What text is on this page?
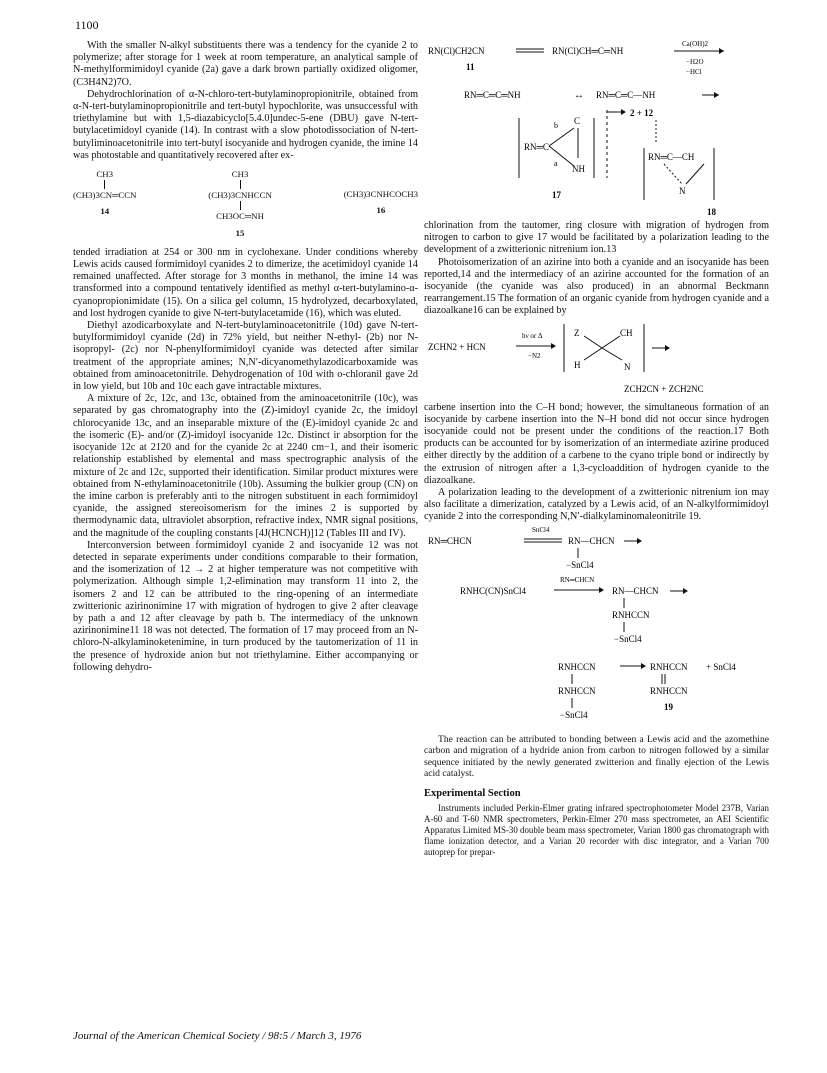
1100

With the smaller N-alkyl substituents there was a tendency for the cyanide 2 to polymerize; after storage for 1 week at room temperature, an analytical sample of N-methylformimidoyl cyanide (2a) gave a dark brown partially oxidized oligomer, (C3H4N2)7O.

Dehydrochlorination of α-N-chloro-tert-butylaminopropionitrile, obtained from α-N-tert-butylaminopropionitrile and tert-butyl hypochlorite, was unsuccessful with triethylamine but with 1,5-diazabicyclo[5.4.0]undec-5-ene (DBU) gave N-tert-butylacetimidoyl cyanide (14). In contrast with a slow photodissociation of N-tert-butyliminoacetonitrile into tert-butyl isocyanide and hydrogen cyanide, the imine 14 was photostable and quantitatively recovered after ex-

CH3
(CH3)3CN═CCN
14
CH3
(CH3)3CNHCCN
CH3OC═NH
15
(CH3)3CNHCOCH3
16

tended irradiation at 254 or 300 nm in cyclohexane. Under conditions whereby Lewis acids caused formimidoyl cyanides 2 to dimerize, the acetimidoyl cyanide 14 remained unaffected. After storage for 3 months in methanol, the imine 14 was transformed into a compound tentatively identified as methyl α-tert-butylamino-α-cyanopropionimidate (15). On a silica gel column, 15 hydrolyzed, decarboxylated, and lost hydrogen cyanide to give N-tert-butylacetamide (16), which was eluted.

Diethyl azodicarboxylate and N-tert-butylaminoacetonitrile (10d) gave N-tert-butylformimidoyl cyanide (2d) in 72% yield, but neither N-ethyl- (2b) nor N-isopropyl- (2c) nor N-phenylformimidoyl cyanide was detected after similar treatment of the appropriate amines; N,N′-dicyanomethylazodicarboxamide was obtained from aminoacetonitrile. Dehydrogenation of 10d with o-chloranil gave 2d in low yield, but 10b and 10c each gave intractable mixtures.

A mixture of 2c, 12c, and 13c, obtained from the aminoacetonitrile (10c), was separated by gas chromatography into the (Z)-imidoyl cyanide 2c, the imidoyl chlorocyanide 13c, and an inseparable mixture of the (E)-imidoyl cyanide 2c and the isomeric (E)- and/or (Z)-imidoyl isocyanide 12c. Distinct ir absorption for the isocyanide 12c at 2120 and for the cyanide 2c at 2240 cm−1, and their isomeric relationship established by elemental and mass spectrographic analysis of the mixture of 2c and 12c, supported their identification. Similar product mixtures were obtained from N-ethylaminoacetonitrile (10b). Assuming the bulkier group (CN) on the imine carbon is preferably anti to the nitrogen substituent in each formimidoyl cyanide, the assigned stereoisomerism for the imines 2 is supported by thermodynamic data, ultraviolet absorption, refractive index, NMR signal positions, and the magnitude of the coupling constants [4J(HCNCH)]12 (Tables III and IV).

Interconversion between formimidoyl cyanide 2 and isocyanide 12 was not detected in separate experiments under conditions comparable to their formation, and the isomerization of 12 → 2 at higher temperature was not competitive with polymerization. Although simple 1,2-elimination may transform 11 into 2, the isomers 2 and 12 can be attributed to the ring-opening of an intermediate zwitterionic azirinonimine 17 with migration of hydrogen to give 2 after cleavage by path a and 12 after cleavage by path b. The intermediacy of the unknown azirinonimine11 18 was not detected. The formation of 17 may proceed from an N-chloro-N-alkylaminoketenimine, in turn produced by the tautomerization of 11 in the presence of hydroxide anion but not triethylamine. Either accompanying or following dehydro-

RN(Cl)CH2CN	RN(Cl)CH═C═NH
Ca(OH)2
−H2O
−HCl
11
RN═C═C═NH	↔ RN═C═C—NH
b C
RN═C
NH
a
17
2 + 12
RN═C—CH
N
18

chlorination from the tautomer, ring closure with migration of hydrogen from nitrogen to carbon to give 17 would be facilitated by a polarization leading to the development of a zwitterionic nitrenium ion.13

Photoisomerization of an azirine into both a cyanide and an isocyanide has been reported,14 and the intermediacy of an azirine accounted for the formation of an isocyanide (the cyanide was also produced) in an abnormal Beckmann rearrangement.15 The formation of an organic cyanide from hydrogen cyanide and a diazoalkane16 can be explained by

ZCHN2 + HCN
hν or Δ
−N2
Z	CH
H	N
ZCH2CN + ZCH2NC

carbene insertion into the C–H bond; however, the simultaneous formation of an isocyanide by carbene insertion into the N–H bond did not occur since hydrogen isocyanide could not be present under the conditions of the reaction.17 Both products can be accounted for by isomerization of an intermediate azirine produced either directly by the addition of a carbene to the cyano triple bond or indirectly by the extrusion of nitrogen after a 1,3-cycloaddition of hydrogen cyanide to the diazoalkane.

A polarization leading to the development of a zwitterionic nitrenium ion may also facilitate a dimerization, catalyzed by a Lewis acid, of an N-alkylformimidoyl cyanide 2 into the corresponding N,N′-dialkylaminomaleonitrile 19.

RN═CHCN
SnCl4
RN—CHCN
−SnCl4
RNHC(CN)SnCl4
RN═CHCN
RN—CHCN
RNHCCN
−SnCl4
RNHCCN
RNHCCN
−SnCl4
RNHCCN + SnCl4
RNHCCN
19

The reaction can be attributed to bonding between a Lewis acid and the azomethine carbon and migration of a hydride anion from carbon to nitrogen followed by a similar sequence initiated by the newly generated zwitterion and finally ejection of the Lewis acid catalyst.

Experimental Section

Instruments included Perkin-Elmer grating infrared spectrophotometer Model 237B, Varian A-60 and T-60 NMR spectrometers, Perkin-Elmer 270 mass spectrometer, an AEI Scientific Apparatus Limited MS-30 double beam mass spectrometer, Varian 1800 gas chromatograph with flame ionization detector, and a Varian 20 recorder with disc integrator, and a Varian 700 autoprep for prepar-

Journal of the American Chemical Society / 98:5 / March 3, 1976
